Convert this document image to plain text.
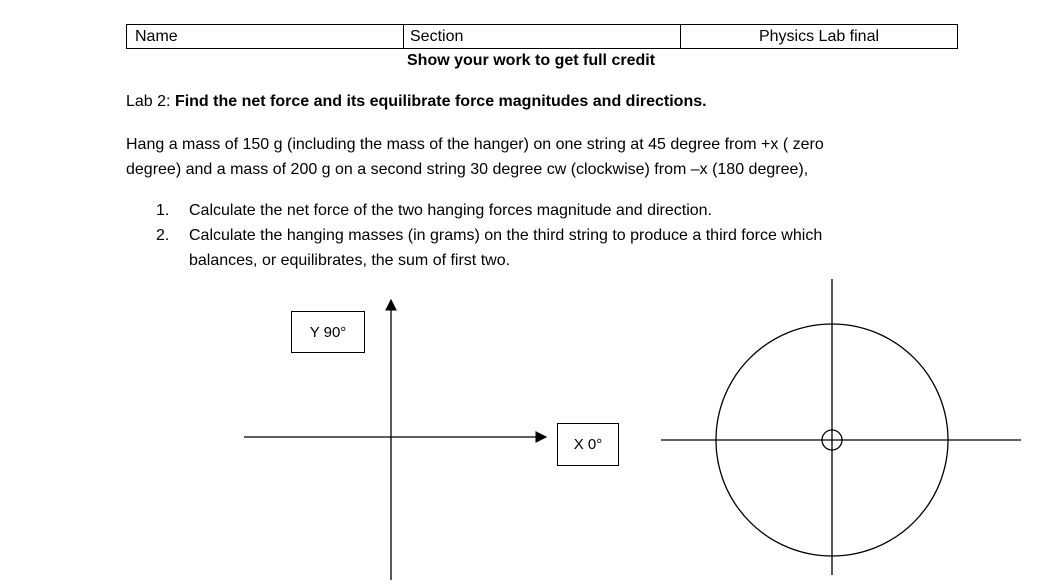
Name	Section	Physics Lab final
Show your work to get full credit
Lab 2: Find the net force and its equilibrate force magnitudes and directions.
Hang a mass of 150 g (including the mass of the hanger) on one string at 45 degree from +x ( zero
degree) and a mass of 200 g on a second string 30 degree cw (clockwise) from –x (180 degree),
1.	Calculate the net force of the two hanging forces magnitude and direction.
2.	Calculate the hanging masses (in grams) on the third string to produce a third force which
balances, or equilibrates, the sum of first two.
Y 90°
X 0°
